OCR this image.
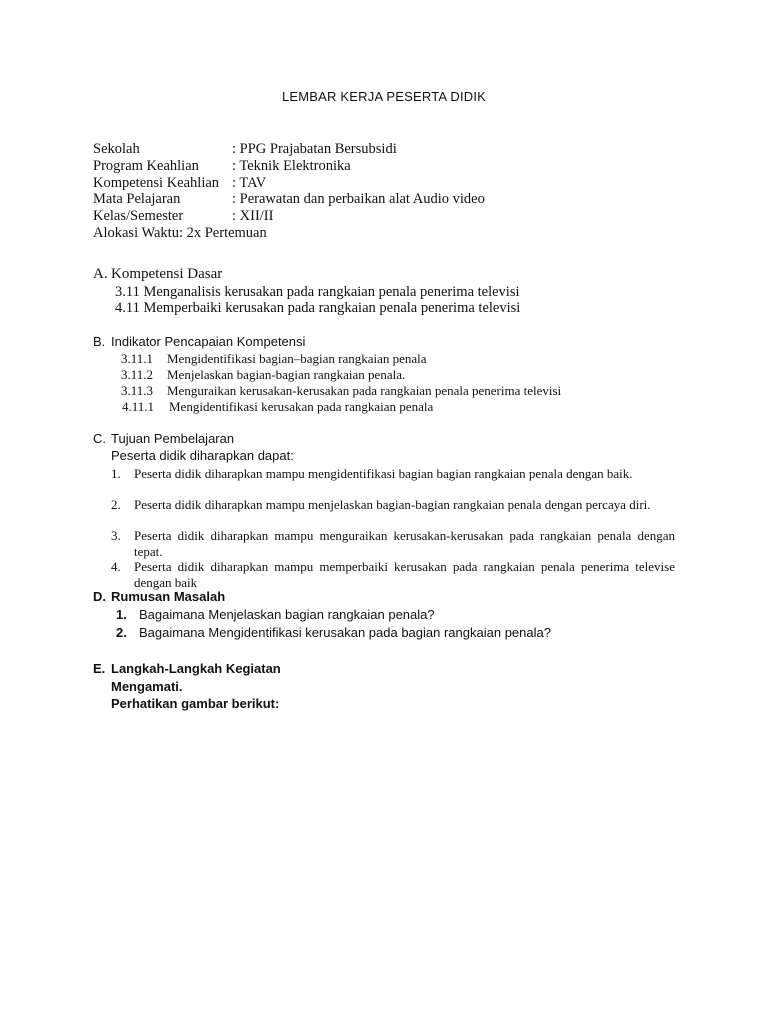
LEMBAR KERJA PESERTA DIDIK
Sekolah	: PPG Prajabatan Bersubsidi
Program Keahlian : Teknik Elektronika
Kompetensi Keahlian : TAV
Mata Pelajaran	: Perawatan dan perbaikan alat Audio video
Kelas/Semester	: XII/II
Alokasi Waktu: 2x Pertemuan
A. Kompetensi Dasar
3.11 Menganalisis kerusakan pada rangkaian penala penerima televisi
4.11 Memperbaiki kerusakan pada rangkaian penala penerima televisi
B. Indikator Pencapaian Kompetensi
3.11.1 Mengidentifikasi bagian–bagian rangkaian penala
3.11.2 Menjelaskan bagian-bagian rangkaian penala.
3.11.3 Menguraikan kerusakan-kerusakan pada rangkaian penala penerima televisi
4.11.1 Mengidentifikasi kerusakan pada rangkaian penala
C. Tujuan Pembelajaran
Peserta didik diharapkan dapat:
1. Peserta didik diharapkan mampu mengidentifikasi bagian bagian rangkaian penala dengan baik.
2. Peserta didik diharapkan mampu menjelaskan bagian-bagian rangkaian penala dengan percaya diri.
3. Peserta didik diharapkan mampu menguraikan kerusakan-kerusakan pada rangkaian penala dengan tepat.
4. Peserta didik diharapkan mampu memperbaiki kerusakan pada rangkaian penala penerima televise dengan baik
D. Rumusan Masalah
1. Bagaimana Menjelaskan bagian rangkaian penala?
2. Bagaimana Mengidentifikasi kerusakan pada bagian rangkaian penala?
E. Langkah-Langkah Kegiatan
Mengamati.
Perhatikan gambar berikut:
